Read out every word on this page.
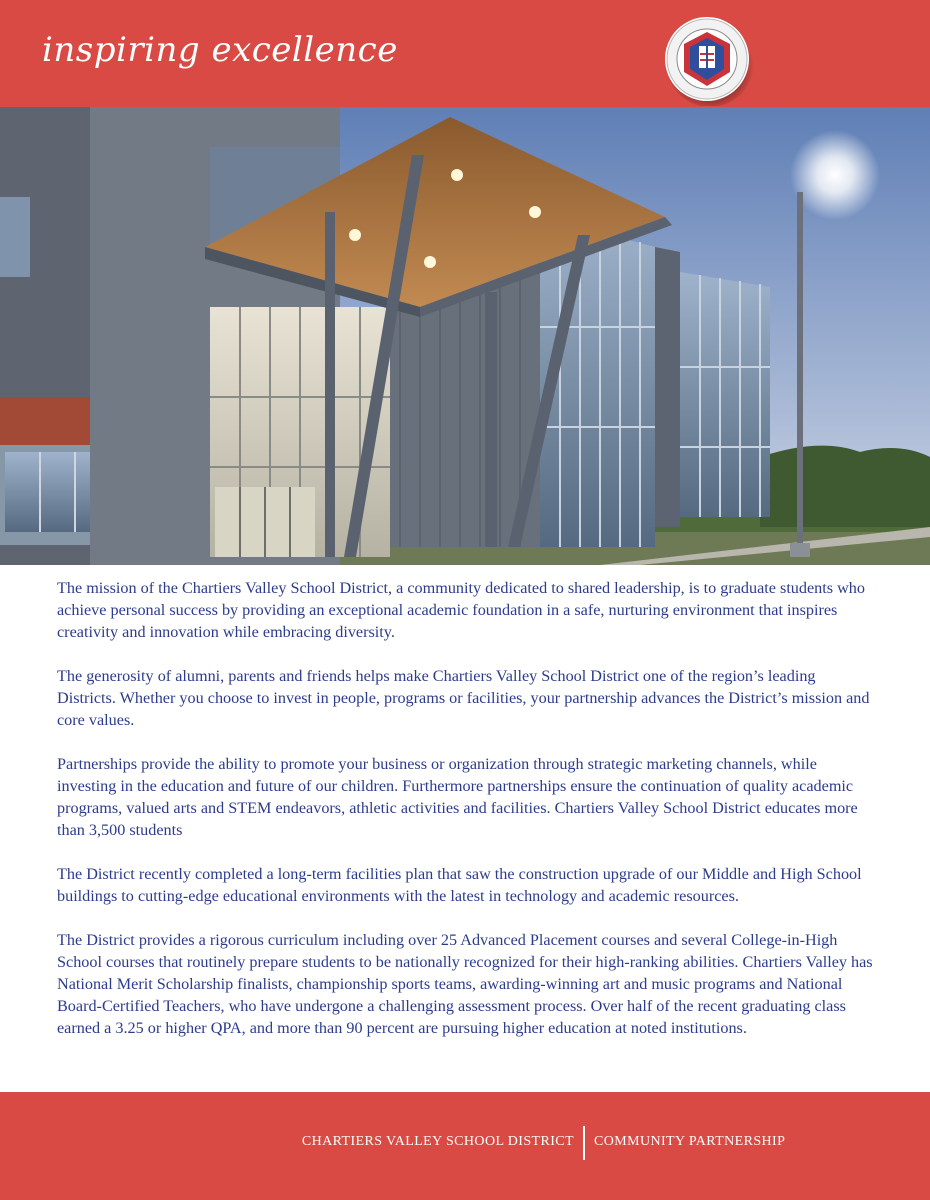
inspiring excellence

The mission of the Chartiers Valley School District, a community dedicated to shared leadership, is to graduate students who achieve personal success by providing an exceptional academic foundation in a safe, nurturing environment that inspires creativity and innovation while embracing diversity.

The generosity of alumni, parents and friends helps make Chartiers Valley School District one of the region’s leading Districts. Whether you choose to invest in people, programs or facilities, your partnership advances the District’s mission and core values.

Partnerships provide the ability to promote your business or organization through strategic marketing channels, while investing in the education and future of our children. Furthermore partnerships ensure the continuation of quality academic programs, valued arts and STEM endeavors, athletic activities and facilities. Chartiers Valley School District educates more than 3,500 students

The District recently completed a long-term facilities plan that saw the construction upgrade of our Middle and High School buildings to cutting-edge educational environments with the latest in technology and academic resources.

The District provides a rigorous curriculum including over 25 Advanced Placement courses and several College-in-High School courses that routinely prepare students to be nationally recognized for their high-ranking abilities. Chartiers Valley has National Merit Scholarship finalists, championship sports teams, awarding-winning art and music programs and National Board-Certified Teachers, who have undergone a challenging assessment process. Over half of the recent graduating class earned a 3.25 or higher QPA, and more than 90 percent are pursuing higher education at noted institutions.

CHARTIERS VALLEY SCHOOL DISTRICT COMMUNITY PARTNERSHIP
